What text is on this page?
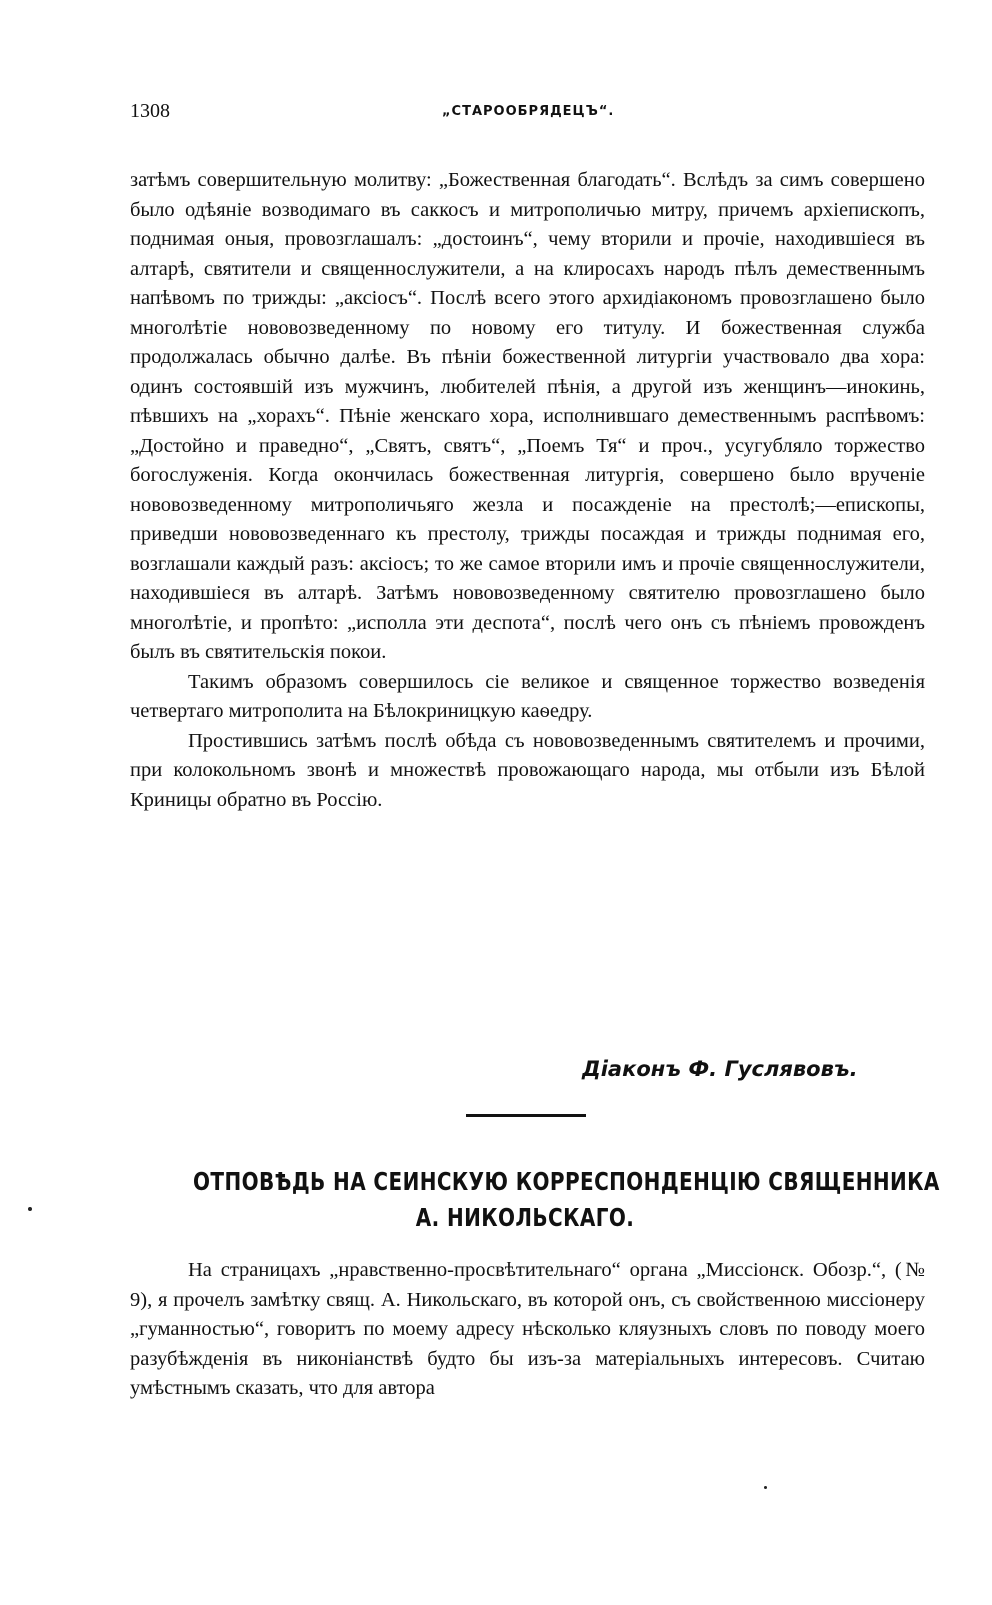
1308	„СТАРООБРЯДЕЦЪ“.

затѣмъ совершительную молитву: „Божественная благодать“. Вслѣдъ за симъ совершено было одѣяніе возводимаго въ саккосъ и митрополичью митру, причемъ архіепископъ, поднимая оныя, провозглашалъ: „достоинъ“, чему вторили и прочіе, находившіеся въ алтарѣ, святители и священнослужители, а на клиросахъ народъ пѣлъ демественнымъ напѣвомъ по трижды: „аксіосъ“. Послѣ всего этого архидіакономъ провозглашено было многолѣтіе нововозведенному по новому его титулу. И божественная служба продолжалась обычно далѣе. Въ пѣніи божественной литургіи участвовало два хора: одинъ состоявшій изъ мужчинъ, любителей пѣнія, а другой изъ женщинъ—инокинь, пѣвшихъ на „хорахъ“. Пѣніе женскаго хора, исполнившаго демественнымъ распѣвомъ: „Достойно и праведно“, „Святъ, святъ“, „Поемъ Тя“ и проч., усугубляло торжество богослуженія. Когда окончилась божественная литургія, совершено было врученіе нововозведенному митрополичьяго жезла и посажденіе на престолѣ;—епископы, приведши нововозведеннаго къ престолу, трижды посаждая и трижды поднимая его, возглашали каждый разъ: аксіосъ; то же самое вторили имъ и прочіе священнослужители, находившіеся въ алтарѣ. Затѣмъ нововозведенному святителю провозглашено было многолѣтіе, и пропѣто: „исполла эти деспота“, послѣ чего онъ съ пѣніемъ провожденъ былъ въ святительскія покои.

Такимъ образомъ совершилось сіе великое и священное торжество возведенія четвертаго митрополита на Бѣлокриницкую каѳедру.

Простившись затѣмъ послѣ обѣда съ нововозведеннымъ святителемъ и прочими, при колокольномъ звонѣ и множествѣ провожающаго народа, мы отбыли изъ Бѣлой Криницы обратно въ Россію.

Діаконъ Ф. Гуслявовъ.
ОТПОВѢДЬ НА СЕИНСКУЮ КОРРЕСПОНДЕНЦІЮ СВЯЩЕННИКА
А. НИКОЛЬСКАГО.

На страницахъ „нравственно-просвѣтительнаго“ органа „Миссіонск. Обозр.“, (№ 9), я прочелъ замѣтку свящ. А. Никольскаго, въ которой онъ, съ свойственною миссіонеру „гуманностью“, говоритъ по моему адресу нѣсколько кляузныхъ словъ по поводу моего разубѣжденія въ никоніанствѣ будто бы изъ-за матеріальныхъ интересовъ. Считаю умѣстнымъ сказать, что для автора
